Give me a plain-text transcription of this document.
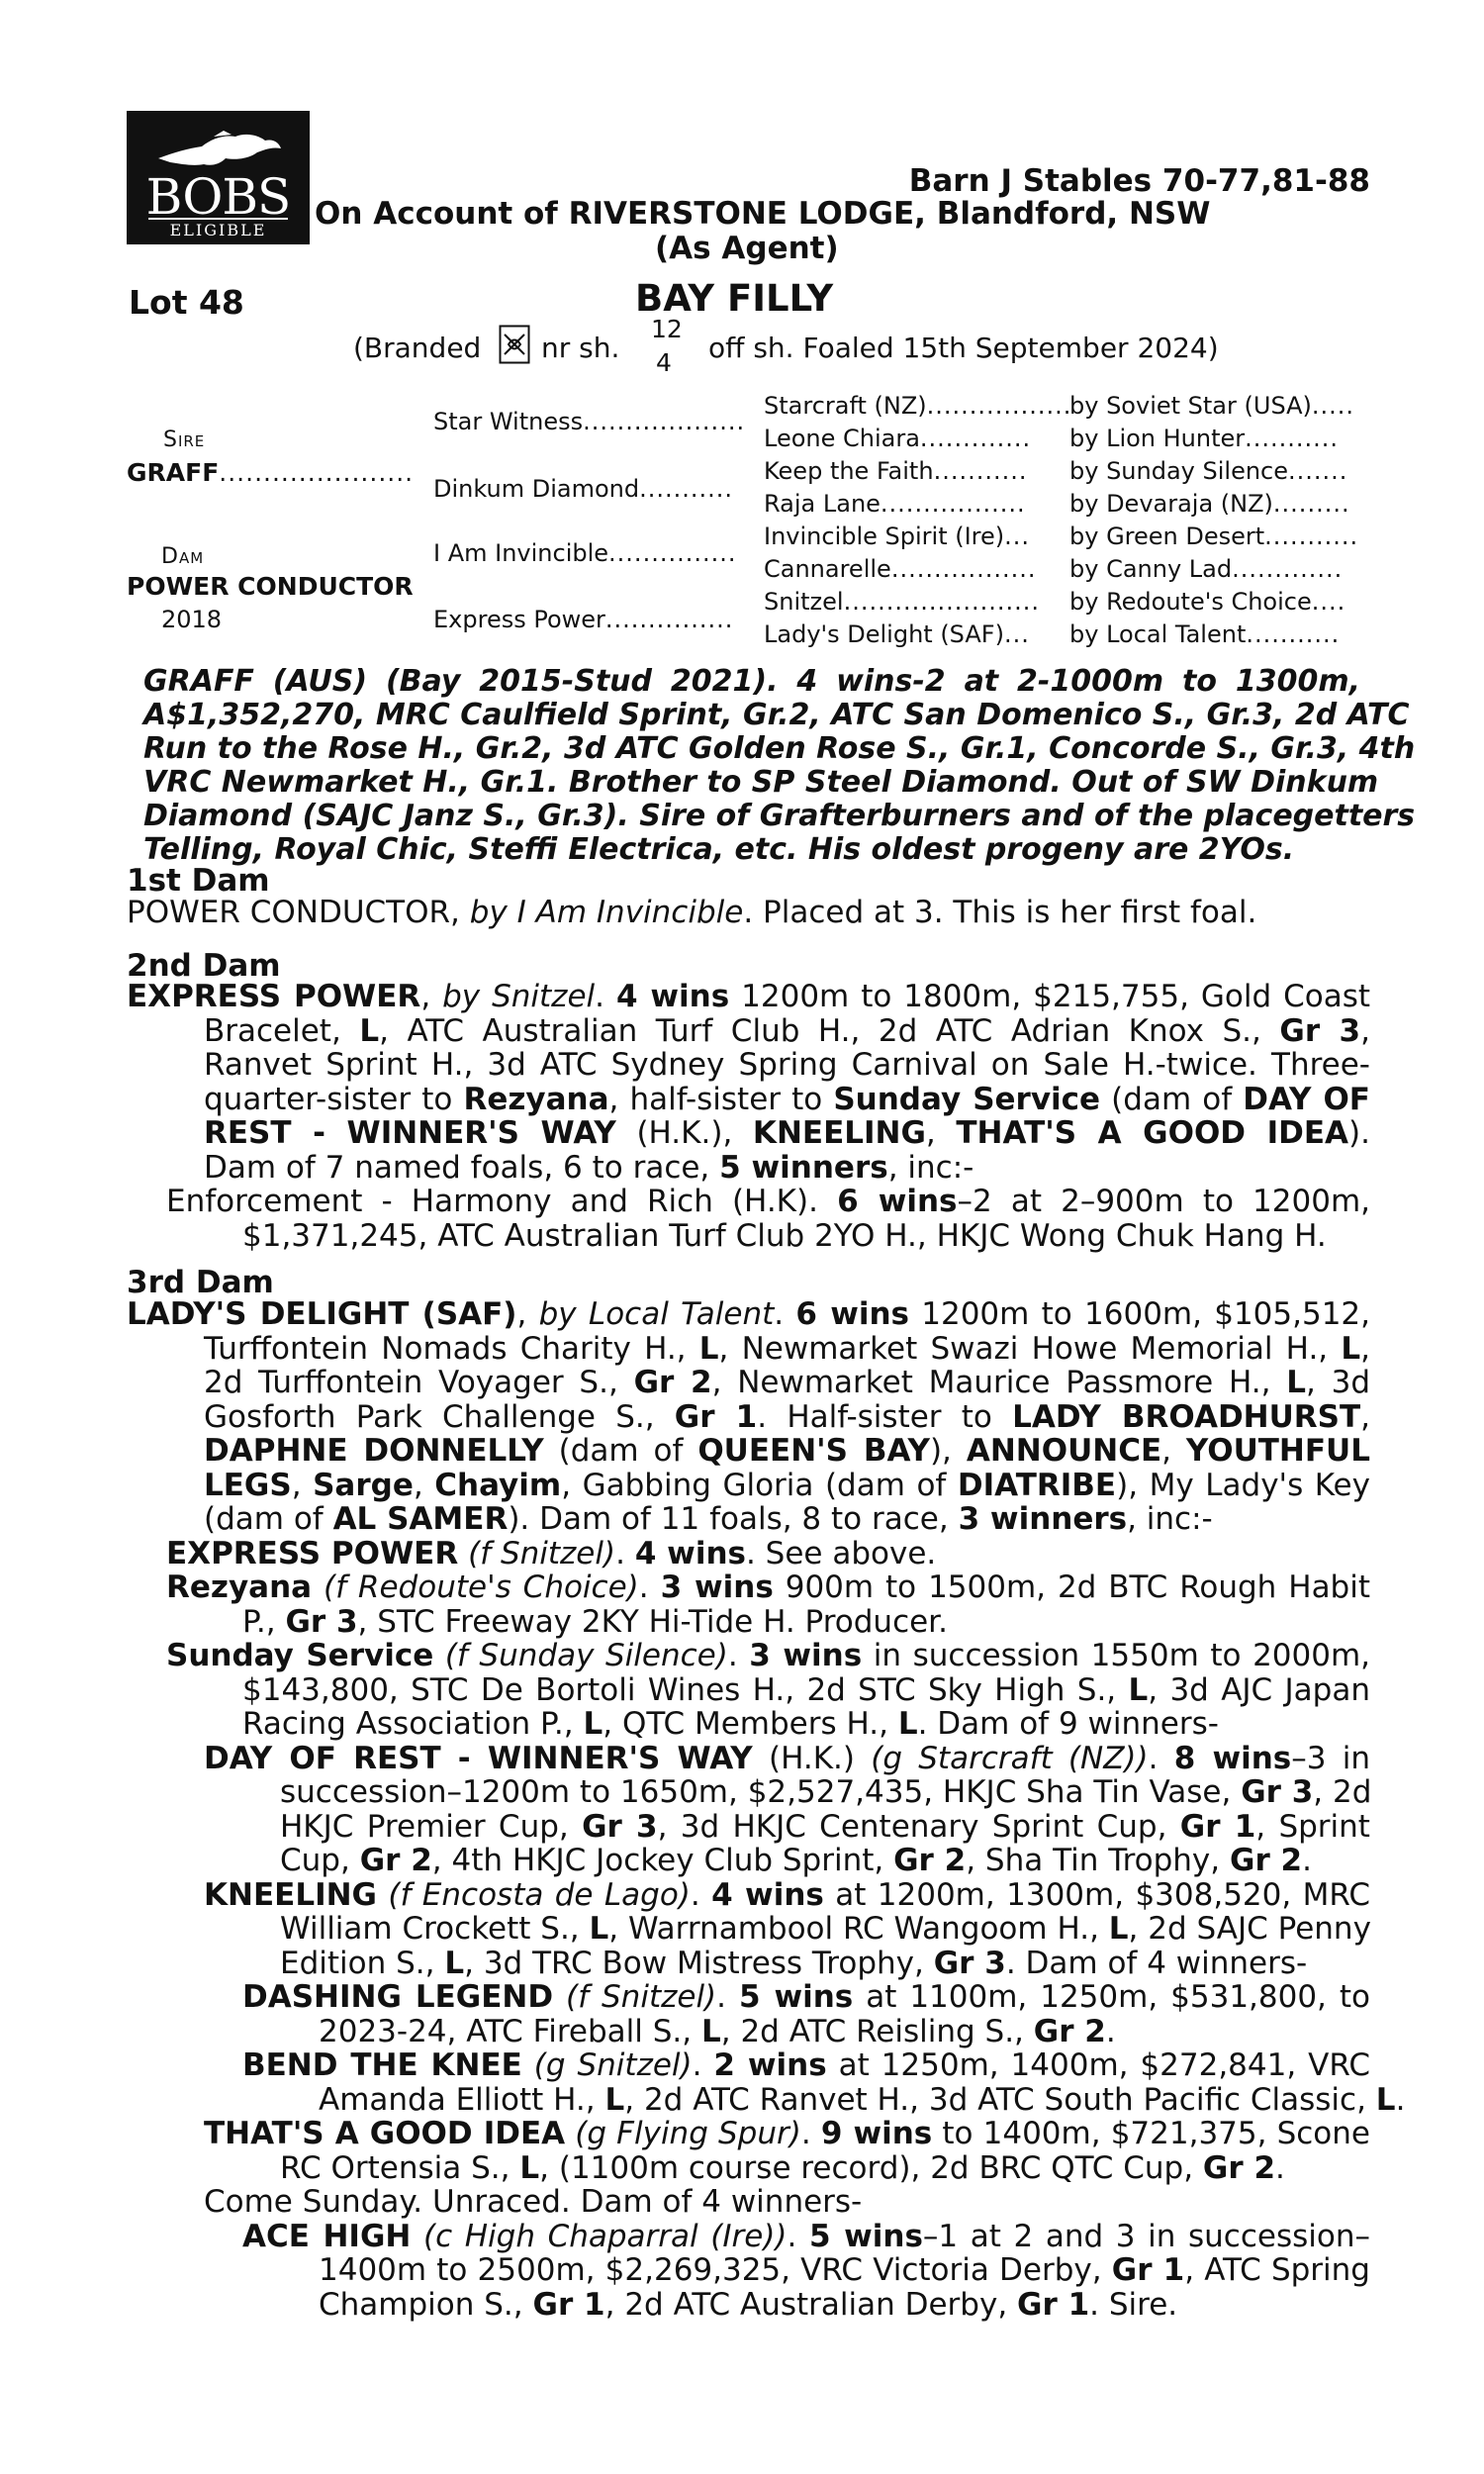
BOBS
ELIGIBLE
Barn J Stables 70-77,81-88
On Account of RIVERSTONE LODGE, Blandford, NSW
(As Agent)
Lot 48	BAY FILLY
(Branded nr sh.
12
4 off sh. Foaled 15th September 2024)
Sire
GRAFF......................
Dam
POWER CONDUCTOR
2018
Star Witness...................
Dinkum Diamond...........
I Am Invincible...............
Express Power...............
Starcraft (NZ).................
Leone Chiara.............
Keep the Faith...........
Raja Lane.................
Invincible Spirit (Ire)...
Cannarelle.................
Snitzel.......................
Lady's Delight (SAF)...
by Soviet Star (USA).....
by Lion Hunter...........
by Sunday Silence.......
by Devaraja (NZ).........
by Green Desert...........
by Canny Lad.............
by Redoute's Choice....
by Local Talent...........
GRAFF (AUS) (Bay 2015-Stud 2021). 4 wins-2 at 2-1000m to 1300m,
A$1,352,270, MRC Caulfield Sprint, Gr.2, ATC San Domenico S., Gr.3, 2d ATC
Run to the Rose H., Gr.2, 3d ATC Golden Rose S., Gr.1, Concorde S., Gr.3, 4th
VRC Newmarket H., Gr.1. Brother to SP Steel Diamond. Out of SW Dinkum
Diamond (SAJC Janz S., Gr.3). Sire of Grafterburners and of the placegetters
Telling, Royal Chic, Steffi Electrica, etc. His oldest progeny are 2YOs.
1st Dam
POWER CONDUCTOR, by I Am Invincible. Placed at 3. This is her first foal.
2nd Dam
EXPRESS POWER, by Snitzel. 4 wins 1200m to 1800m, $215,755, Gold Coast
Bracelet, L, ATC Australian Turf Club H., 2d ATC Adrian Knox S., Gr 3,
Ranvet Sprint H., 3d ATC Sydney Spring Carnival on Sale H.-twice. Three-
quarter-sister to Rezyana, half-sister to Sunday Service (dam of DAY OF
REST - WINNER'S WAY (H.K.), KNEELING, THAT'S A GOOD IDEA).
Dam of 7 named foals, 6 to race, 5 winners, inc:-
Enforcement - Harmony and Rich (H.K). 6 wins–2 at 2–900m to 1200m,
$1,371,245, ATC Australian Turf Club 2YO H., HKJC Wong Chuk Hang H.
3rd Dam
LADY'S DELIGHT (SAF), by Local Talent. 6 wins 1200m to 1600m, $105,512,
Turffontein Nomads Charity H., L, Newmarket Swazi Howe Memorial H., L,
2d Turffontein Voyager S., Gr 2, Newmarket Maurice Passmore H., L, 3d
Gosforth Park Challenge S., Gr 1. Half-sister to LADY BROADHURST,
DAPHNE DONNELLY (dam of QUEEN'S BAY), ANNOUNCE, YOUTHFUL
LEGS, Sarge, Chayim, Gabbing Gloria (dam of DIATRIBE), My Lady's Key
(dam of AL SAMER). Dam of 11 foals, 8 to race, 3 winners, inc:-
EXPRESS POWER (f Snitzel). 4 wins. See above.
Rezyana (f Redoute's Choice). 3 wins 900m to 1500m, 2d BTC Rough Habit
P., Gr 3, STC Freeway 2KY Hi-Tide H. Producer.
Sunday Service (f Sunday Silence). 3 wins in succession 1550m to 2000m,
$143,800, STC De Bortoli Wines H., 2d STC Sky High S., L, 3d AJC Japan
Racing Association P., L, QTC Members H., L. Dam of 9 winners-
DAY OF REST - WINNER'S WAY (H.K.) (g Starcraft (NZ)). 8 wins–3 in
succession–1200m to 1650m, $2,527,435, HKJC Sha Tin Vase, Gr 3, 2d
HKJC Premier Cup, Gr 3, 3d HKJC Centenary Sprint Cup, Gr 1, Sprint
Cup, Gr 2, 4th HKJC Jockey Club Sprint, Gr 2, Sha Tin Trophy, Gr 2.
KNEELING (f Encosta de Lago). 4 wins at 1200m, 1300m, $308,520, MRC
William Crockett S., L, Warrnambool RC Wangoom H., L, 2d SAJC Penny
Edition S., L, 3d TRC Bow Mistress Trophy, Gr 3. Dam of 4 winners-
DASHING LEGEND (f Snitzel). 5 wins at 1100m, 1250m, $531,800, to
2023-24, ATC Fireball S., L, 2d ATC Reisling S., Gr 2.
BEND THE KNEE (g Snitzel). 2 wins at 1250m, 1400m, $272,841, VRC
Amanda Elliott H., L, 2d ATC Ranvet H., 3d ATC South Pacific Classic, L.
THAT'S A GOOD IDEA (g Flying Spur). 9 wins to 1400m, $721,375, Scone
RC Ortensia S., L, (1100m course record), 2d BRC QTC Cup, Gr 2.
Come Sunday. Unraced. Dam of 4 winners-
ACE HIGH (c High Chaparral (Ire)). 5 wins–1 at 2 and 3 in succession–
1400m to 2500m, $2,269,325, VRC Victoria Derby, Gr 1, ATC Spring
Champion S., Gr 1, 2d ATC Australian Derby, Gr 1. Sire.
